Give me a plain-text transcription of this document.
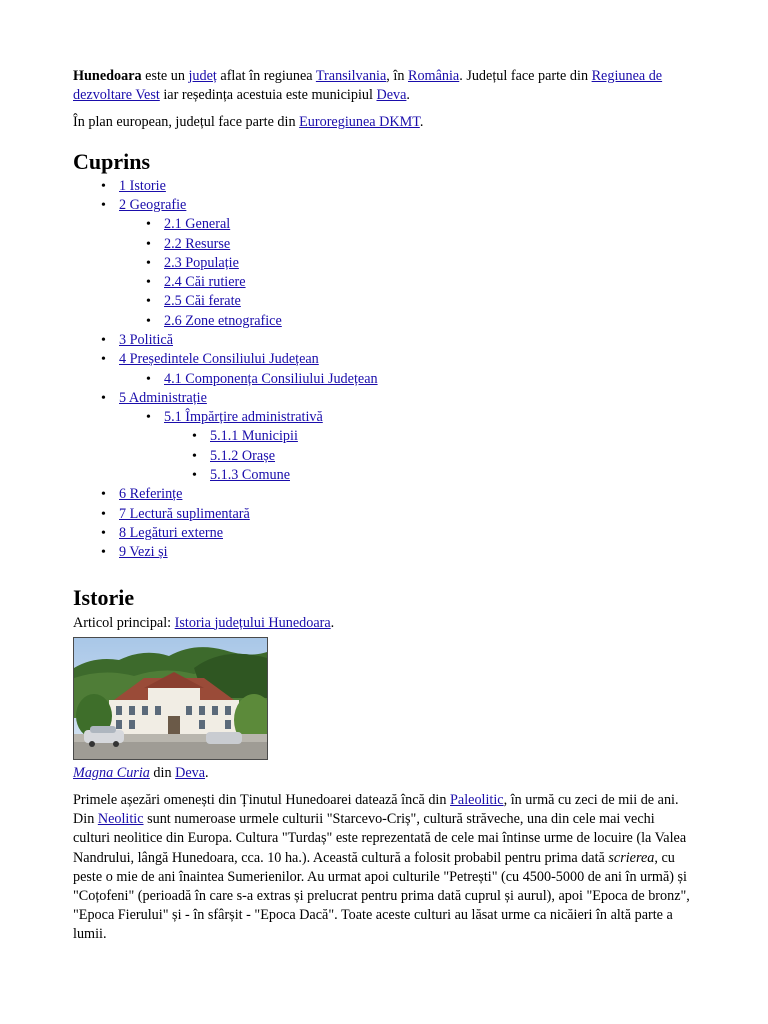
Hunedoara este un județ aflat în regiunea Transilvania, în România. Județul face parte din Regiunea de dezvoltare Vest iar reședința acestuia este municipiul Deva.

În plan european, județul face parte din Euroregiunea DKMT.

Cuprins
• 1 Istorie
• 2 Geografie
• 2.1 General
• 2.2 Resurse
• 2.3 Populație
• 2.4 Căi rutiere
• 2.5 Căi ferate
• 2.6 Zone etnografice
• 3 Politică
• 4 Președintele Consiliului Județean
• 4.1 Componența Consiliului Județean
• 5 Administrație
• 5.1 Împărțire administrativă
• 5.1.1 Municipii
• 5.1.2 Orașe
• 5.1.3 Comune
• 6 Referințe
• 7 Lectură suplimentară
• 8 Legături externe
• 9 Vezi și
Istorie

Articol principal: Istoria județului Hunedoara.

Magna Curia din Deva.

Primele așezări omenești din Ținutul Hunedoarei datează încă din Paleolitic, în urmă cu zeci de mii de ani. Din Neolitic sunt numeroase urmele culturii "Starcevo-Criș", cultură străveche, una din cele mai vechi culturi neolitice din Europa. Cultura "Turdaș" este reprezentată de cele mai întinse urme de locuire (la Valea Nandrului, lângă Hunedoara, cca. 10 ha.). Această cultură a folosit probabil pentru prima dată scrierea, cu peste o mie de ani înaintea Sumerienilor. Au urmat apoi culturile "Petrești" (cu 4500-5000 de ani în urmă) și "Coțofeni" (perioadă în care s-a extras și prelucrat pentru prima dată cuprul și aurul), apoi "Epoca de bronz", "Epoca Fierului" și - în sfârșit - "Epoca Dacă". Toate aceste culturi au lăsat urme ca nicăieri în altă parte a lumii.
